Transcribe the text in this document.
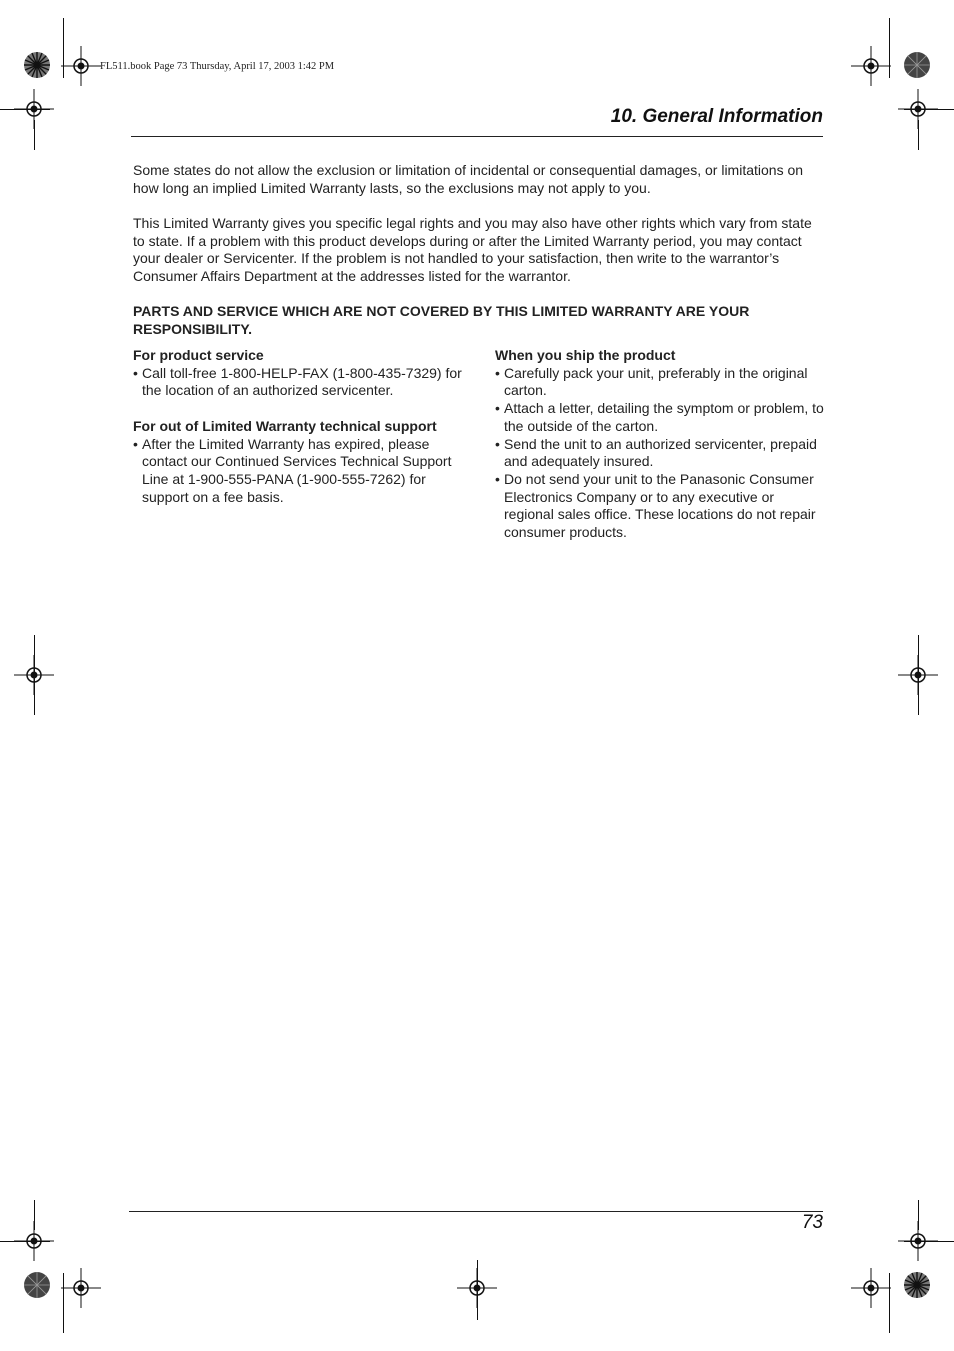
FL511.book Page 73 Thursday, April 17, 2003 1:42 PM
10. General Information
Some states do not allow the exclusion or limitation of incidental or consequential damages, or limitations on how long an implied Limited Warranty lasts, so the exclusions may not apply to you.
This Limited Warranty gives you specific legal rights and you may also have other rights which vary from state to state. If a problem with this product develops during or after the Limited Warranty period, you may contact your dealer or Servicenter. If the problem is not handled to your satisfaction, then write to the warrantor’s Consumer Affairs Department at the addresses listed for the warrantor.
PARTS AND SERVICE WHICH ARE NOT COVERED BY THIS LIMITED WARRANTY ARE YOUR RESPONSIBILITY.

For product service

• Call toll-free 1-800-HELP-FAX (1-800-435-7329) for the location of an authorized servicenter.

For out of Limited Warranty technical support

• After the Limited Warranty has expired, please contact our Continued Services Technical Support Line at 1-900-555-PANA (1-900-555-7262) for support on a fee basis.

When you ship the product

• Carefully pack your unit, preferably in the original carton.

• Attach a letter, detailing the symptom or problem, to the outside of the carton.

• Send the unit to an authorized servicenter, prepaid and adequately insured.

• Do not send your unit to the Panasonic Consumer Electronics Company or to any executive or regional sales office. These locations do not repair consumer products.

73
